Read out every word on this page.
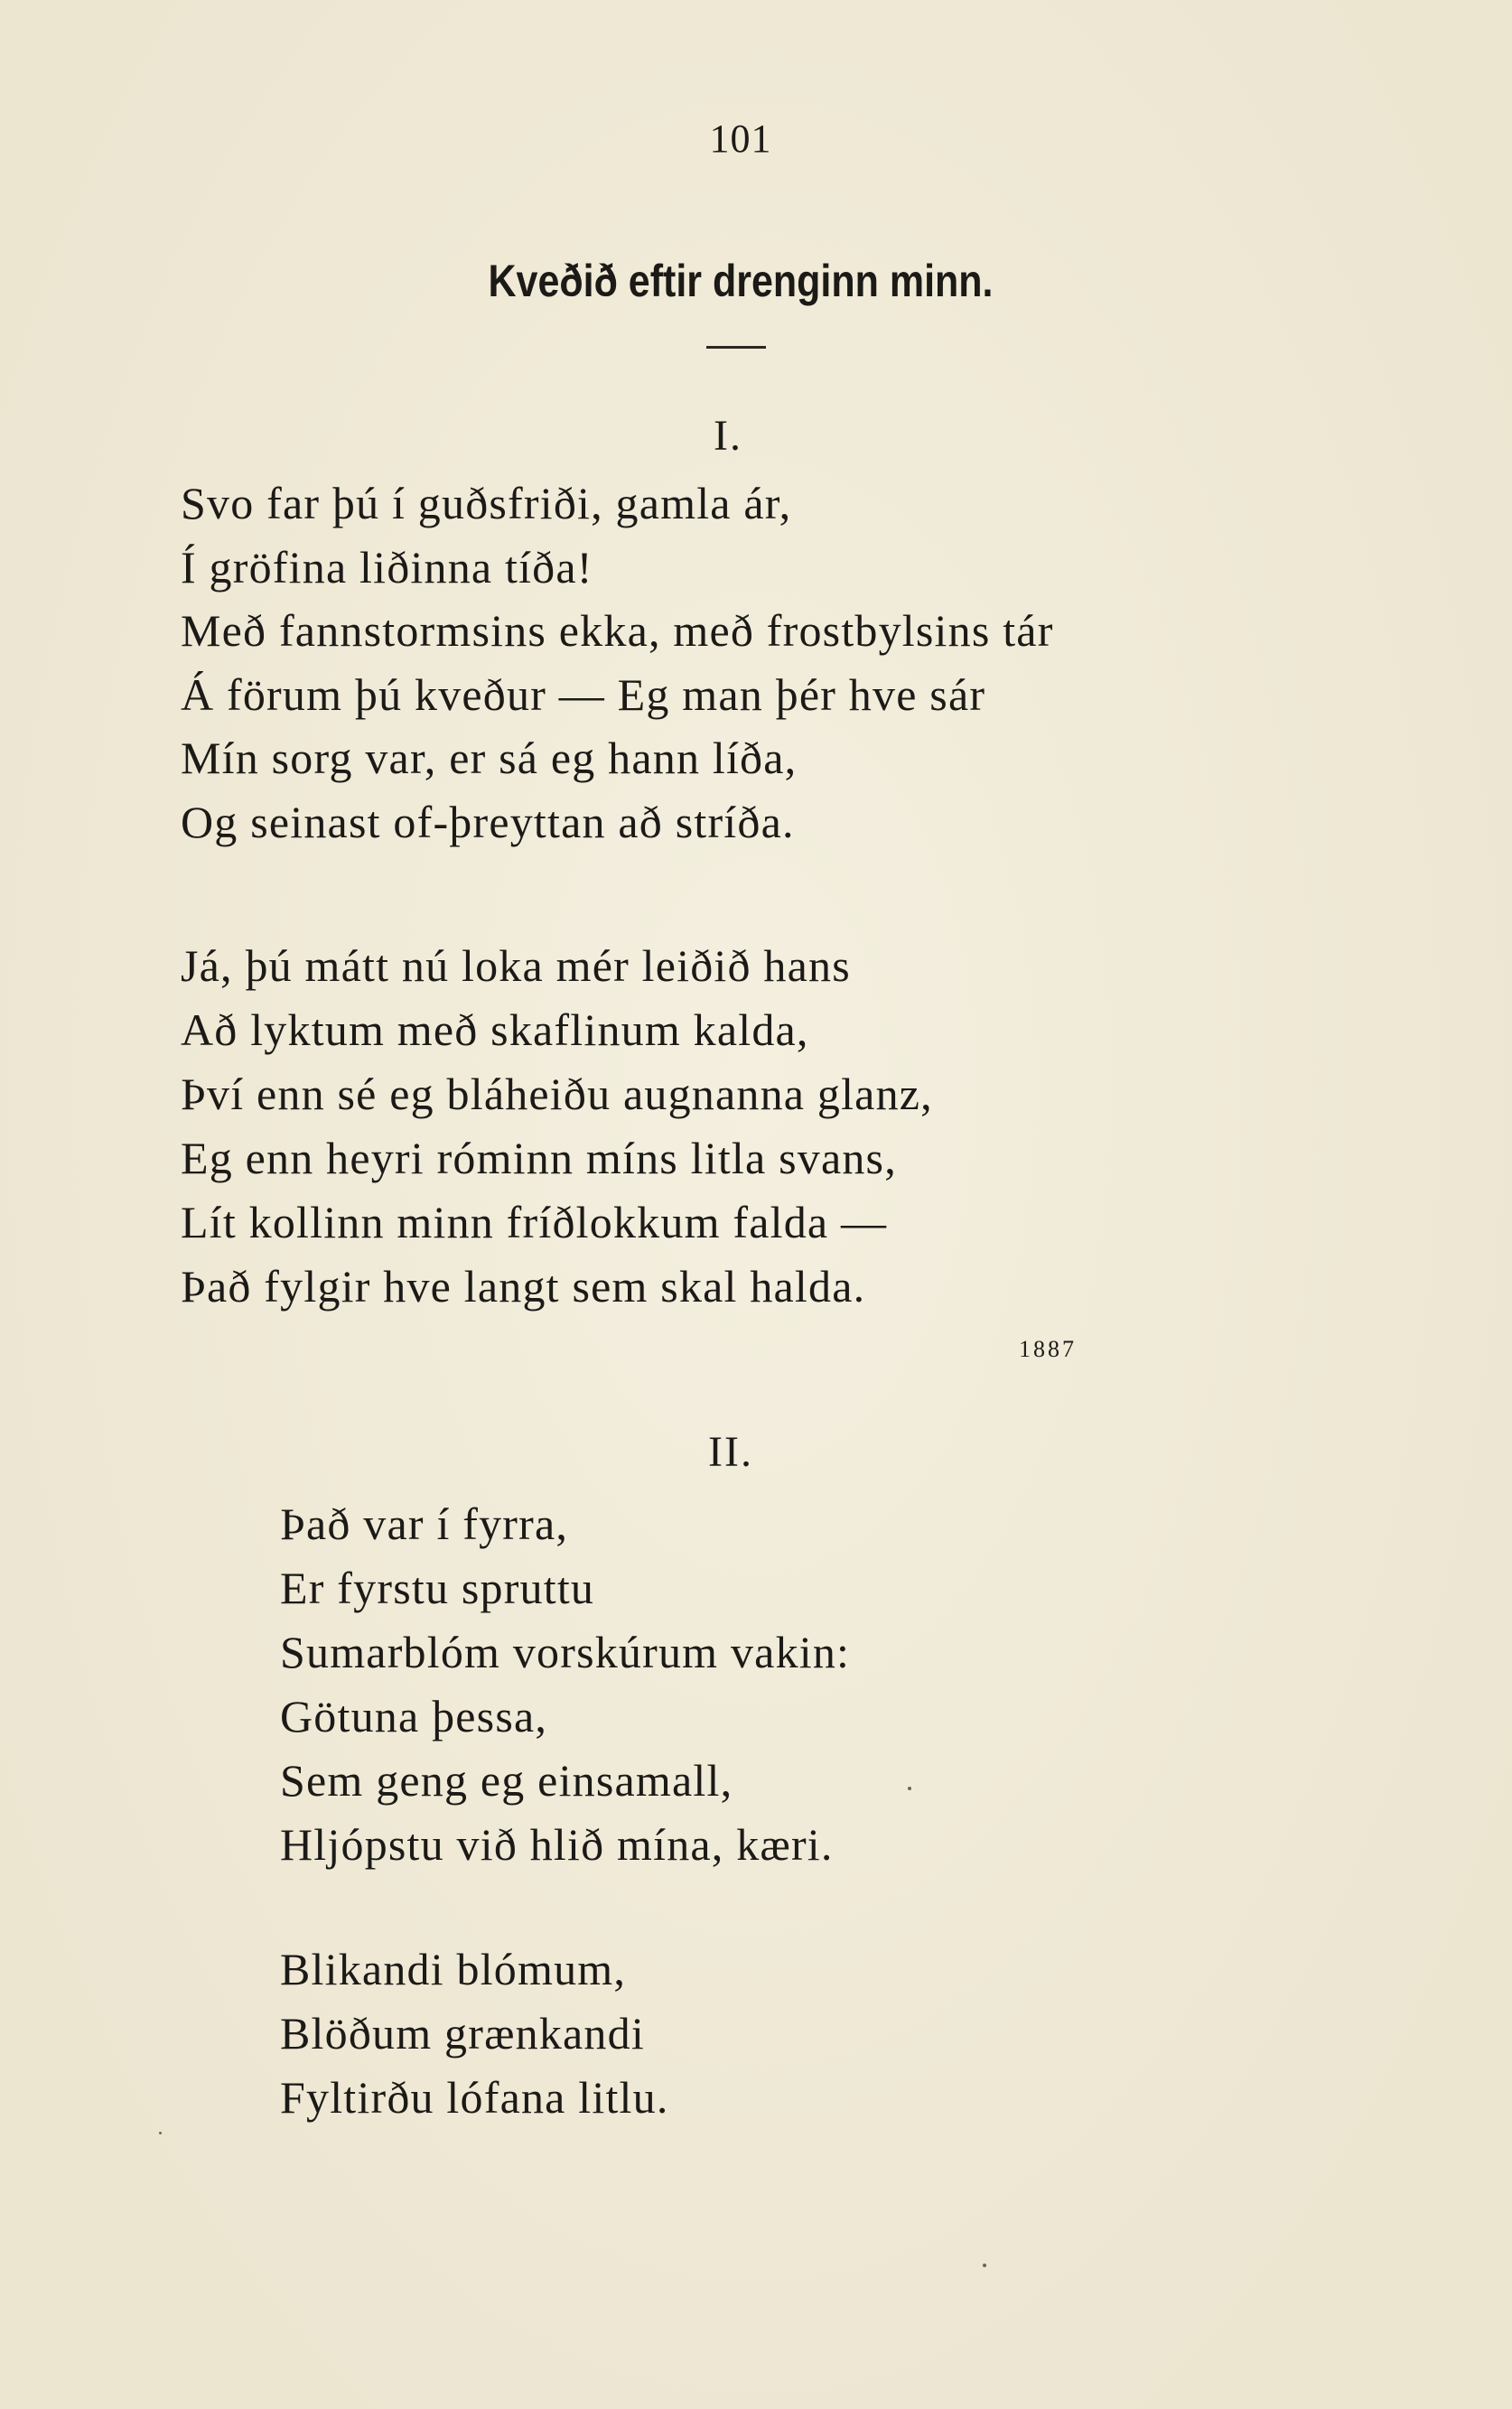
101
Kveðið eftir drenginn minn.
I.
Svo far þú í guðsfriði, gamla ár,
Í gröfina liðinna tíða!
Með fannstormsins ekka, með frostbylsins tár
Á förum þú kveður — Eg man þér hve sár
Mín sorg var, er sá eg hann líða,
Og seinast of-þreyttan að stríða.
Já, þú mátt nú loka mér leiðið hans
Að lyktum með skaflinum kalda,
Því enn sé eg bláheiðu augnanna glanz,
Eg enn heyri róminn míns litla svans,
Lít kollinn minn fríðlokkum falda —
Það fylgir hve langt sem skal halda.
1887
II.
Það var í fyrra,
Er fyrstu spruttu
Sumarblóm vorskúrum vakin:
Götuna þessa,
Sem geng eg einsamall,
Hljópstu við hlið mína, kæri.
Blikandi blómum,
Blöðum grænkandi
Fyltirðu lófana litlu.
